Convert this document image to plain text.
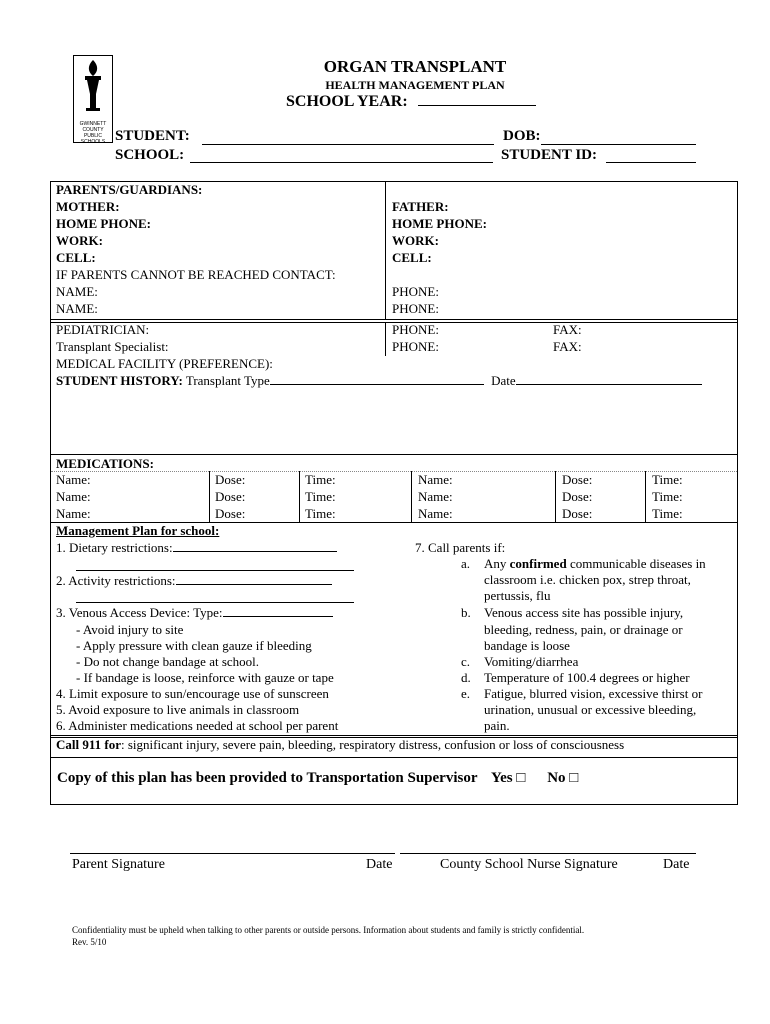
GWINNETT COUNTY PUBLIC SCHOOLS
ORGAN TRANSPLANT
HEALTH MANAGEMENT PLAN
SCHOOL YEAR:
STUDENT:	DOB:
SCHOOL:	STUDENT ID:
PARENTS/GUARDIANS:
MOTHER:	FATHER:
HOME PHONE:	HOME PHONE:
WORK:	WORK:
CELL:	CELL:
IF PARENTS CANNOT BE REACHED CONTACT:
NAME:	PHONE:
NAME:	PHONE:
PEDIATRICIAN:	PHONE:	FAX:
Transplant Specialist:	PHONE:	FAX:
MEDICAL FACILITY (PREFERENCE):
STUDENT HISTORY: Transplant Type	Date
MEDICATIONS:
Name:	Dose:	Time:	Name:	Dose:	Time:
Name:	Dose:	Time:	Name:	Dose:	Time:
Name:	Dose:	Time:	Name:	Dose:	Time:
Management Plan for school:
1. Dietary restrictions:
2. Activity restrictions:
3. Venous Access Device: Type:
- Avoid injury to site
- Apply pressure with clean gauze if bleeding
- Do not change bandage at school.
- If bandage is loose, reinforce with gauze or tape
4. Limit exposure to sun/encourage use of sunscreen
5. Avoid exposure to live animals in classroom
6. Administer medications needed at school per parent
7. Call parents if:
a. Any confirmed communicable diseases in
classroom i.e. chicken pox, strep throat,
pertussis, flu
b. Venous access site has possible injury,
bleeding, redness, pain, or drainage or
bandage is loose
c. Vomiting/diarrhea
d. Temperature of 100.4 degrees or higher
e. Fatigue, blurred vision, excessive thirst or
urination, unusual or excessive bleeding,
pain.
Call 911 for: significant injury, severe pain, bleeding, respiratory distress, confusion or loss of consciousness
Copy of this plan has been provided to Transportation Supervisor Yes □ No □
Parent Signature	Date	County School Nurse Signature	Date
Confidentiality must be upheld when talking to other parents or outside persons. Information about students and family is strictly confidential.
Rev. 5/10
